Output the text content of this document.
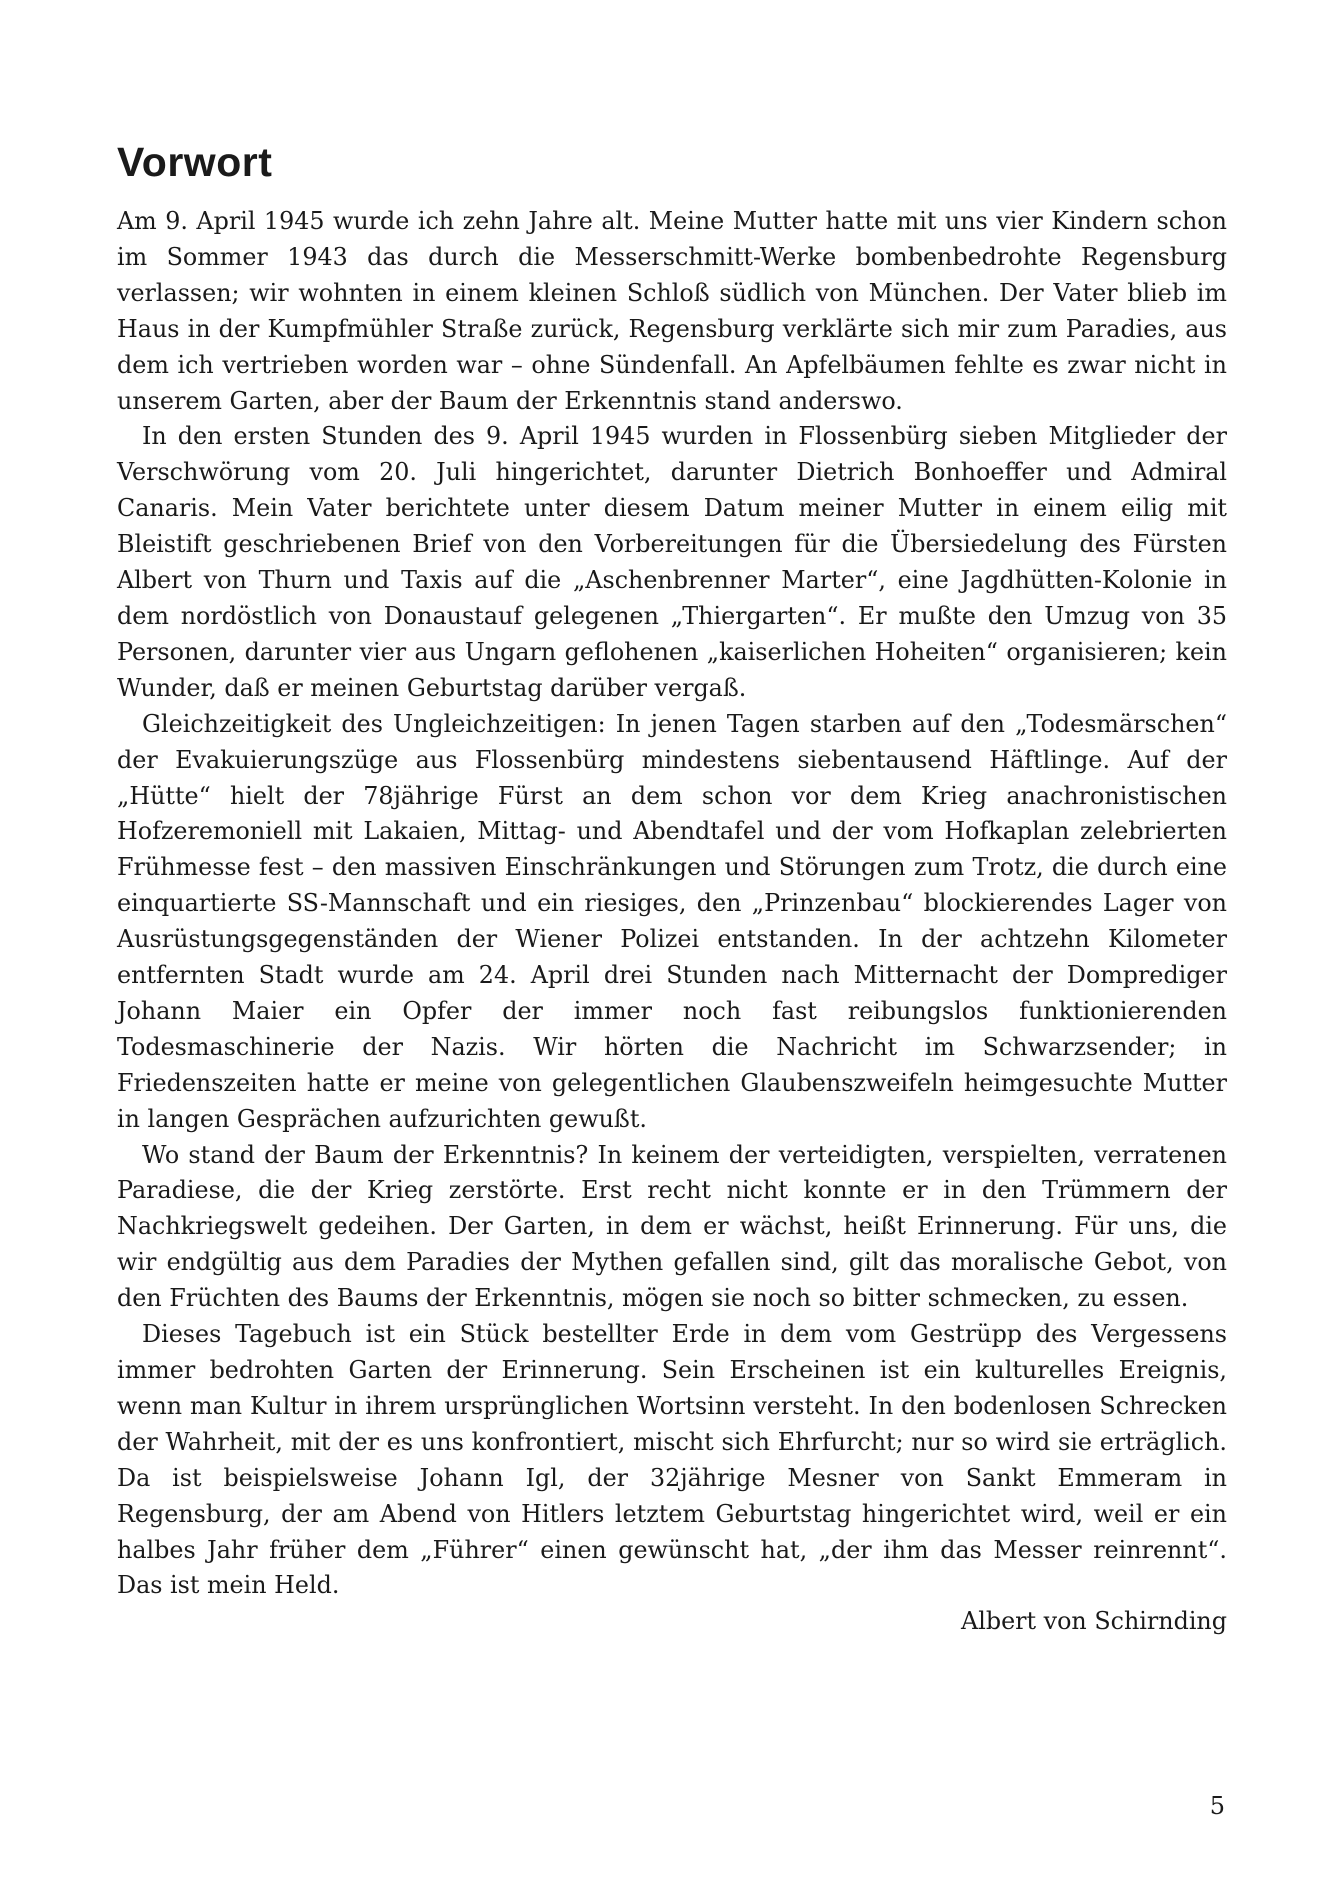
Vorwort

Am 9. April 1945 wurde ich zehn Jahre alt. Meine Mutter hatte mit uns vier Kindern schon im Sommer 1943 das durch die Messerschmitt-Werke bombenbedrohte Regensburg verlassen; wir wohnten in einem kleinen Schloß südlich von München. Der Vater blieb im Haus in der Kumpfmühler Straße zurück, Regensburg verklärte sich mir zum Paradies, aus dem ich vertrieben worden war – ohne Sündenfall. An Apfelbäumen fehlte es zwar nicht in unserem Garten, aber der Baum der Erkenntnis stand anderswo.

In den ersten Stunden des 9. April 1945 wurden in Flossenbürg sieben Mitglieder der Verschwörung vom 20. Juli hingerichtet, darunter Dietrich Bonhoeffer und Admiral Canaris. Mein Vater berichtete unter diesem Datum meiner Mutter in einem eilig mit Bleistift geschriebenen Brief von den Vorbereitungen für die Übersiedelung des Fürsten Albert von Thurn und Taxis auf die „Aschenbrenner Marter“, eine Jagdhütten-Kolonie in dem nordöstlich von Donaustauf gelegenen „Thiergarten“. Er mußte den Umzug von 35 Personen, darunter vier aus Ungarn geflohenen „kaiserlichen Hoheiten“ organisieren; kein Wunder, daß er meinen Geburtstag darüber vergaß.

Gleichzeitigkeit des Ungleichzeitigen: In jenen Tagen starben auf den „Todesmärschen“ der Evakuierungszüge aus Flossenbürg mindestens siebentausend Häftlinge. Auf der „Hütte“ hielt der 78jährige Fürst an dem schon vor dem Krieg anachronistischen Hofzeremoniell mit Lakaien, Mittag- und Abendtafel und der vom Hofkaplan zelebrierten Frühmesse fest – den massiven Einschränkungen und Störungen zum Trotz, die durch eine einquartierte SS-Mannschaft und ein riesiges, den „Prinzenbau“ blockierendes Lager von Ausrüstungsgegenständen der Wiener Polizei entstanden. In der achtzehn Kilometer entfernten Stadt wurde am 24. April drei Stunden nach Mitternacht der Domprediger Johann Maier ein Opfer der immer noch fast reibungslos funktionierenden Todesmaschinerie der Nazis. Wir hörten die Nachricht im Schwarzsender; in Friedenszeiten hatte er meine von gelegentlichen Glaubenszweifeln heimgesuchte Mutter in langen Gesprächen aufzurichten gewußt.

Wo stand der Baum der Erkenntnis? In keinem der verteidigten, verspielten, verratenen Paradiese, die der Krieg zerstörte. Erst recht nicht konnte er in den Trümmern der Nachkriegswelt gedeihen. Der Garten, in dem er wächst, heißt Erinnerung. Für uns, die wir endgültig aus dem Paradies der Mythen gefallen sind, gilt das moralische Gebot, von den Früchten des Baums der Erkenntnis, mögen sie noch so bitter schmecken, zu essen.

Dieses Tagebuch ist ein Stück bestellter Erde in dem vom Gestrüpp des Vergessens immer bedrohten Garten der Erinnerung. Sein Erscheinen ist ein kulturelles Ereignis, wenn man Kultur in ihrem ursprünglichen Wortsinn versteht. In den bodenlosen Schrecken der Wahrheit, mit der es uns konfrontiert, mischt sich Ehrfurcht; nur so wird sie erträglich. Da ist beispielsweise Johann Igl, der 32jährige Mesner von Sankt Emmeram in Regensburg, der am Abend von Hitlers letztem Geburtstag hingerichtet wird, weil er ein halbes Jahr früher dem „Führer“ einen gewünscht hat, „der ihm das Messer reinrennt“. Das ist mein Held.

Albert von Schirnding

5
